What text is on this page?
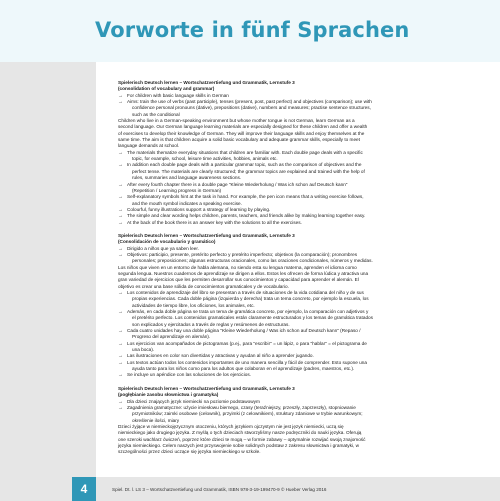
Vorworte in fünf Sprachen
Spielerisch Deutsch lernen – Wortschatzvertiefung und Grammatik, Lernstufe 3
(consolidation of vocabulary and grammar)
→ For children with basic language skills in German
→ Aims: train the use of verbs (past participle), tenses (present, post, past perfect) and objectives (comparison); use with
confidence personal pronouns (dative), prepositions (dative), numbers and measures; practise sentence structures,
such as the conditional
Children who live in a German-speaking environment but whose mother tongue is not German, learn German as a
second language. Our German language learning materials are especially designed for these children and offer a wealth
of exercises to develop their knowledge of German. They will improve their language skills and enjoy themselves at the
same time. The aim is that children acquire a solid basic vocabulary and adequate grammar skills, especially to meet
language demands at school.
→ The materials thematize everyday situations that children are familiar with. Each double page deals with a specific
topic, for example, school, leisure time activities, hobbies, animals etc.
→ In addition each double page deals with a particular grammar topic, such as the comparison of objectives and the
perfect tense. The materials are clearly structured; the grammar topics are explained and trained with the help of
rules, summaries and language awareness sections.
→ After every fourth chapter there is a double page "Kleine Wiederholung / Was ich schon auf Deutsch kann"
(Repetition / Learning progress in German)
→ Self-explanatory symbols hint at the task in hand. For example, the pen icon means that a writing exercise follows,
and the mouth symbol indicates a speaking exercise.
→ Colourful, funny illustrations support a strategy of learning by playing.
→ The simple and clear wording helps children, parents, teachers, and friends alike by making learning together easy.
→ At the back of the book there is an answer key with the solutions to all the exercises.
Spielerisch Deutsch lernen – Wortschatzvertiefung und Grammatik, Lernstufe 3
(Consolidación de vocabulario y gramático)
→ Dirigido a niños que ya saben leer.
→ Objetivos: participio, presente, pretérito perfecto y pretérito imperfecto; objetivos (la comparación); pronombres
personales; preposiciones; algunas estructuras oracionales, como las oraciones condicionales, números y medidas.
Los niños que viven en un entorno de habla alemana, no siendo esta su lengua materna, aprenden el idioma como
segunda lengua. Nuestros cuadernos de aprendizaje se dirigen a ellos. Estos les ofrecen de forma lúdica y atractiva una
gran variedad de ejercicios que les permiten desarrollar sus conocimientos y capacidad para aprender el alemán. El
objetivo es crear una base sólida de conocimientos gramaticales y de vocabulario.
→ Los contenidos de aprendizaje del libro se presentan a través de situaciones de la vida cotidiana del niño y de sus
propias experiencias. Cada doble página (izquierda y derecha) trata un tema concreto, por ejemplo la escuela, los
actividades de tiempo libre, los oficiones, los animales, etc.
→ Además, en cada doble página se trata un tema de gramática concreto, por ejemplo, la comparación con adjetivos y
el pretérito perfecto. Los contenidos gramaticales están claramente estructurados y los temas de gramática tratados
son explicados y ejercitados a través de reglas y resúmenes de estructuras.
→ Cada cuatro unidades hay una doble página "Kleine Wiederholung / Was ich schon auf Deutsch kann" (Repaso /
Progreso del aprendizaje en alemán).
→ Los ejercicios van acompañados de pictogramas (p.ej., para "escribir" = un lápiz, o para "hablar" = el pictograma de
una boca).
→ Las ilustraciones en color son divertidas y atractivas y ayudan al niño a aprender jugando.
→ Los textos actúan todos los contenidos importantes de uno manera sencilla y fácil de comprender. Esto supone una
ayuda tanto para los niños como para los adultos que colaboran en el aprendizaje (padres, maestros, etc.).
→ Se incluye un apéndice con las soluciones de los ejercicios.
Spielerisch Deutsch lernen – Wortschatzvertiefung und Grammatik, Lernstufe 3
(pogłębianie zasobu słownictwa i gramatyka)
→ Dla dzieci znających język niemiecki na poziomie podstawowym
→ Zagadnienia gramatyczne: użycie imiesłowu biernego, czasy (teraźniejszy, przeszły, zaprzeszły), stopniowanie
przymiotników; zaimki osobowe (celownik), przyimki (z celownikiem), struktury zdaniowe w trybie warunkowym;
określenie ilości, miary
Dzieci żyjące w niemieckojęzycznym otoczeniu, których językiem ojczystym nie jest język niemiecki, uczą się
niemieckiego jako drugiego języka. Z myślą o tych dzieciach stworzyliśmy nasze podręczniki do nauki języka. Oferują
one szeroki wachlarz ćwiczeń, poprzez które dzieci te mogą – w formie zabawy – optymalnie rozwijać swoją znajomość
języka niemieckiego. Celem naszych jest przyswojenie sobie solidnych podstaw z zakresu słownictwa i gramatyki, w
szczególności przez dzieci uczące się języka niemieckiego w szkole.
4	Spiel. Dt. l. LS 3 – Wortschatzvertiefung und Grammatik, ISBN 978-3-19-199470-9 © Hueber Verlag 2016
